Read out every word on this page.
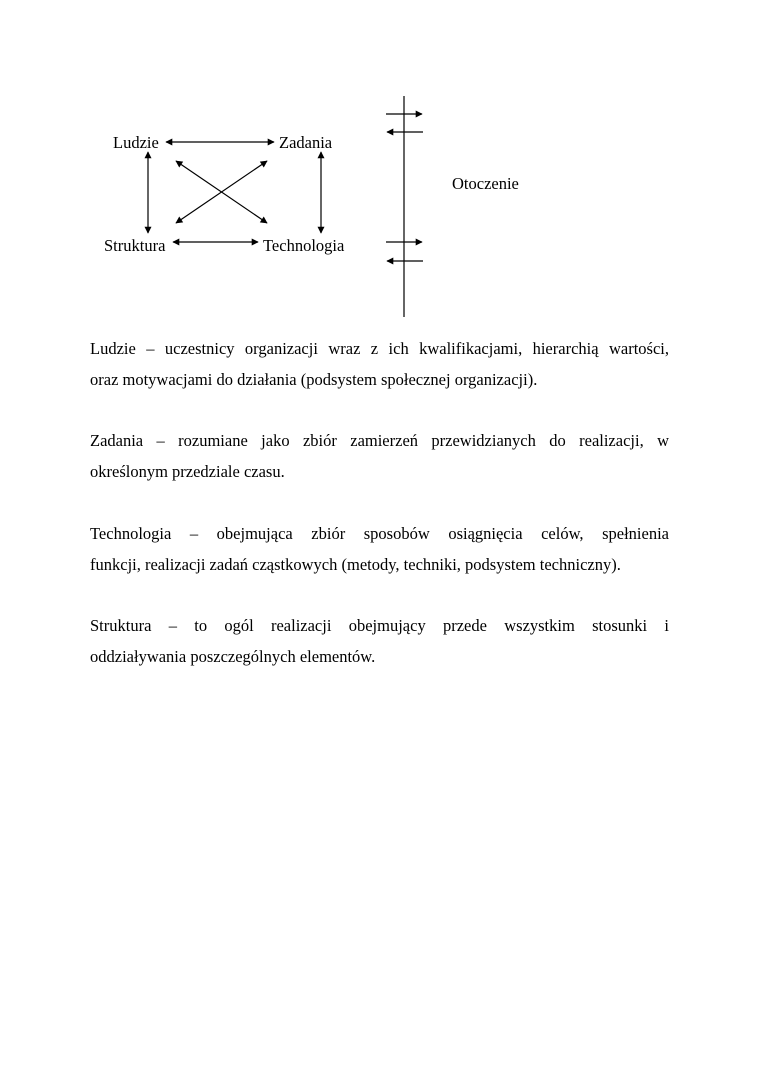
Ludzie	Zadania
Struktura	Technologia
Otoczenie
Ludzie – uczestnicy organizacji wraz z ich kwalifikacjami, hierarchią wartości,
oraz motywacjami do działania (podsystem społecznej organizacji).
Zadania – rozumiane jako zbiór zamierzeń przewidzianych do realizacji, w
określonym przedziale czasu.
Technologia – obejmująca zbiór sposobów osiągnięcia celów, spełnienia
funkcji, realizacji zadań cząstkowych (metody, techniki, podsystem techniczny).
Struktura – to ogól realizacji obejmujący przede wszystkim stosunki i
oddziaływania poszczególnych elementów.
